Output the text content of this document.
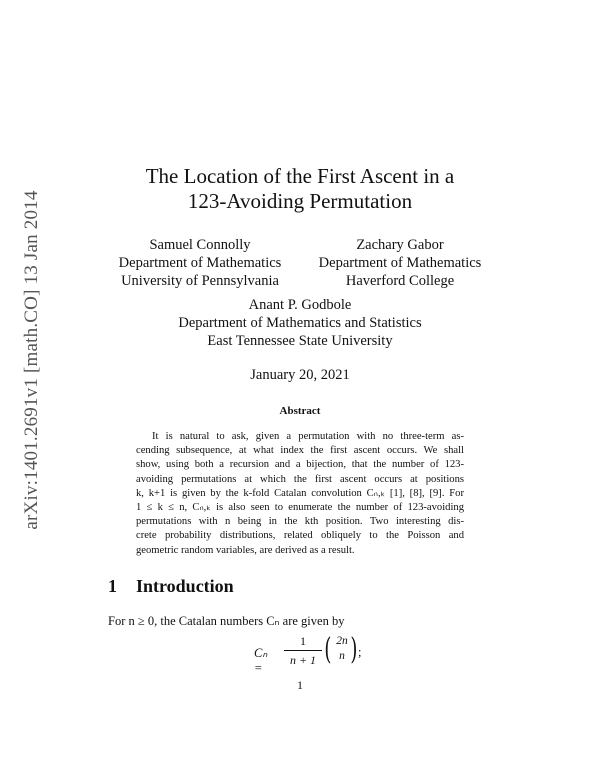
arXiv:1401.2691v1 [math.CO] 13 Jan 2014
The Location of the First Ascent in a
123-Avoiding Permutation
Samuel Connolly
Department of Mathematics
University of Pennsylvania
Zachary Gabor
Department of Mathematics
Haverford College
Anant P. Godbole
Department of Mathematics and Statistics
East Tennessee State University
January 20, 2021
Abstract
It is natural to ask, given a permutation with no three-term as-
cending subsequence, at what index the first ascent occurs. We shall
show, using both a recursion and a bijection, that the number of 123-
avoiding permutations at which the first ascent occurs at positions
k, k+1 is given by the k-fold Catalan convolution Cₙ,ₖ [1], [8], [9]. For
1 ≤ k ≤ n, Cₙ,ₖ is also seen to enumerate the number of 123-avoiding
permutations with n being in the kth position. Two interesting dis-
crete probability distributions, related obliquely to the Poisson and
geometric random variables, are derived as a result.
1 Introduction
For n ≥ 0, the Catalan numbers Cₙ are given by
Cₙ =
1
n + 1 ( 2n
n ) ;
1
